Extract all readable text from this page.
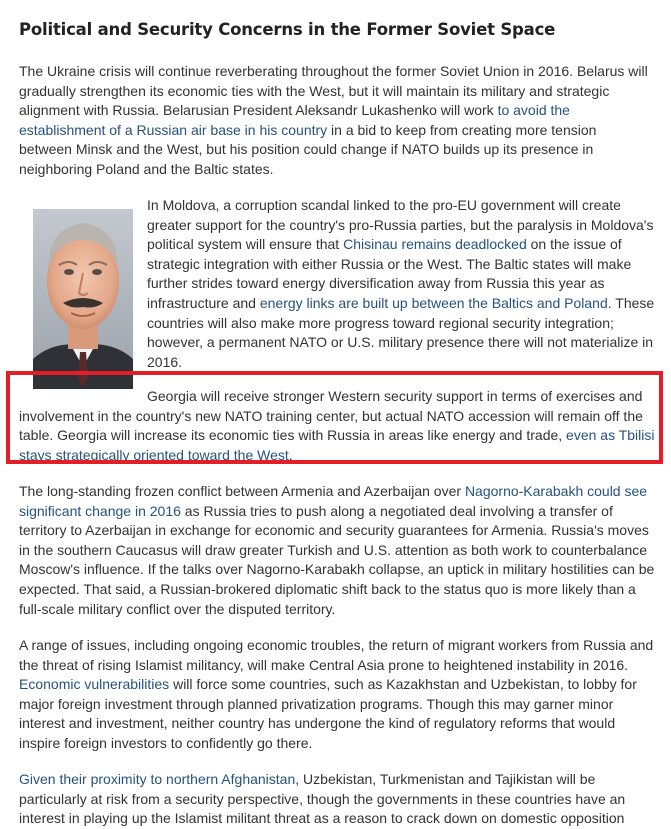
Political and Security Concerns in the Former Soviet Space

The Ukraine crisis will continue reverberating throughout the former Soviet Union in 2016. Belarus will gradually strengthen its economic ties with the West, but it will maintain its military and strategic alignment with Russia. Belarusian President Aleksandr Lukashenko will work to avoid the establishment of a Russian air base in his country in a bid to keep from creating more tension between Minsk and the West, but his position could change if NATO builds up its presence in neighboring Poland and the Baltic states.

In Moldova, a corruption scandal linked to the pro-EU government will create greater support for the country's pro-Russia parties, but the paralysis in Moldova's political system will ensure that Chisinau remains deadlocked on the issue of strategic integration with either Russia or the West. The Baltic states will make further strides toward energy diversification away from Russia this year as infrastructure and energy links are built up between the Baltics and Poland. These countries will also make more progress toward regional security integration; however, a permanent NATO or U.S. military presence there will not materialize in 2016.

Georgia will receive stronger Western security support in terms of exercises and involvement in the country's new NATO training center, but actual NATO accession will remain off the table. Georgia will increase its economic ties with Russia in areas like energy and trade, even as Tbilisi stays strategically oriented toward the West.

The long-standing frozen conflict between Armenia and Azerbaijan over Nagorno-Karabakh could see significant change in 2016 as Russia tries to push along a negotiated deal involving a transfer of territory to Azerbaijan in exchange for economic and security guarantees for Armenia. Russia's moves in the southern Caucasus will draw greater Turkish and U.S. attention as both work to counterbalance Moscow's influence. If the talks over Nagorno-Karabakh collapse, an uptick in military hostilities can be expected. That said, a Russian-brokered diplomatic shift back to the status quo is more likely than a full-scale military conflict over the disputed territory.

A range of issues, including ongoing economic troubles, the return of migrant workers from Russia and the threat of rising Islamist militancy, will make Central Asia prone to heightened instability in 2016. Economic vulnerabilities will force some countries, such as Kazakhstan and Uzbekistan, to lobby for major foreign investment through planned privatization programs. Though this may garner minor interest and investment, neither country has undergone the kind of regulatory reforms that would inspire foreign investors to confidently go there.

Given their proximity to northern Afghanistan, Uzbekistan, Turkmenistan and Tajikistan will be particularly at risk from a security perspective, though the governments in these countries have an interest in playing up the Islamist militant threat as a reason to crack down on domestic opposition
